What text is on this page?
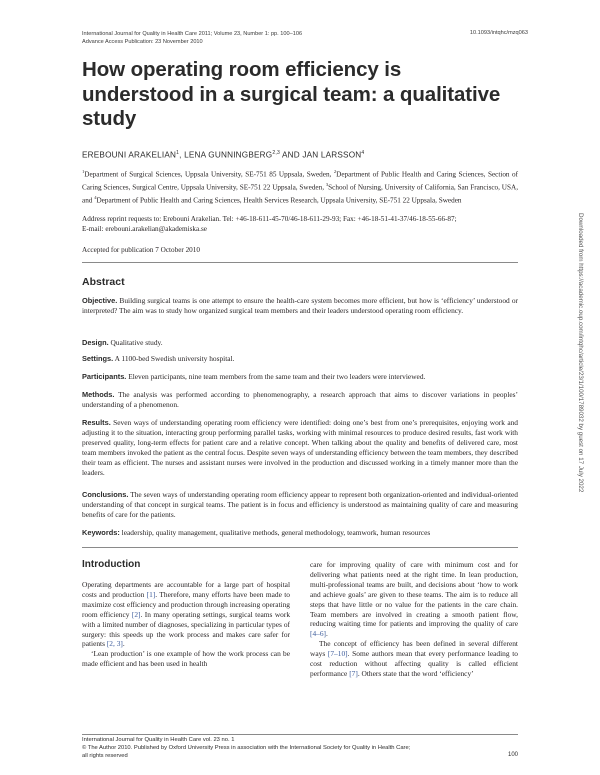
International Journal for Quality in Health Care 2011; Volume 23, Number 1: pp. 100–106
Advance Access Publication: 23 November 2010
10.1093/intqhc/mzq063
How operating room efficiency is understood in a surgical team: a qualitative study
EREBOUNI ARAKELIAN$^1$, LENA GUNNINGBERG$^{2,3}$ AND JAN LARSSON$^4$
$^1$Department of Surgical Sciences, Uppsala University, SE-751 85 Uppsala, Sweden, $^2$Department of Public Health and Caring Sciences, Section of Caring Sciences, Surgical Centre, Uppsala University, SE-751 22 Uppsala, Sweden, $^3$School of Nursing, University of California, San Francisco, USA, and $^4$Department of Public Health and Caring Sciences, Health Services Research, Uppsala University, SE-751 22 Uppsala, Sweden
Address reprint requests to: Erebouni Arakelian. Tel: +46-18-611-45-70/46-18-611-29-93; Fax: +46-18-51-41-37/46-18-55-66-87;
E-mail: erebouni.arakelian@akademiska.se
Accepted for publication 7 October 2010
Abstract

Objective. Building surgical teams is one attempt to ensure the health-care system becomes more efficient, but how is ‘efficiency’ understood or interpreted? The aim was to study how organized surgical team members and their leaders understood operating room efficiency.

Design. Qualitative study.

Settings. A 1100-bed Swedish university hospital.

Participants. Eleven participants, nine team members from the same team and their two leaders were interviewed.

Methods. The analysis was performed according to phenomenography, a research approach that aims to discover variations in peoples’ understanding of a phenomenon.

Results. Seven ways of understanding operating room efficiency were identified: doing one’s best from one’s prerequisites, enjoying work and adjusting it to the situation, interacting group performing parallel tasks, working with minimal resources to produce desired results, fast work with preserved quality, long-term effects for patient care and a relative concept. When talking about the quality and benefits of delivered care, most team members invoked the patient as the central focus. Despite seven ways of understanding efficiency between the team members, they described their team as efficient. The nurses and assistant nurses were involved in the production and discussed working in a timely manner more than the leaders.

Conclusions. The seven ways of understanding operating room efficiency appear to represent both organization-oriented and individual-oriented understanding of that concept in surgical teams. The patient is in focus and efficiency is understood as maintaining quality of care and measuring benefits of care for the patients.

Keywords: leadership, quality management, qualitative methods, general methodology, teamwork, human resources

Introduction

Operating departments are accountable for a large part of hospital costs and production [1]. Therefore, many efforts have been made to maximize cost efficiency and production through increasing operating room efficiency [2]. In many operating settings, surgical teams work with a limited number of diagnoses, specializing in particular types of surgery: this speeds up the work process and makes care safer for patients [2, 3].

‘Lean production’ is one example of how the work process can be made efficient and has been used in health

care for improving quality of care with minimum cost and for delivering what patients need at the right time. In lean production, multi-professional teams are built, and decisions about ‘how to work and achieve goals’ are given to these teams. The aim is to reduce all steps that have little or no value for the patients in the care chain. Team members are involved in creating a smooth patient flow, reducing waiting time for patients and improving the quality of care [4–6].

The concept of efficiency has been defined in several different ways [7–10]. Some authors mean that every performance leading to cost reduction without affecting quality is called efficient performance [7]. Others state that the word ‘efficiency’

International Journal for Quality in Health Care vol. 23 no. 1
© The Author 2010. Published by Oxford University Press in association with the International Society for Quality in Health Care;
all rights reserved	100
Downloaded from https://academic.oup.com/intqhc/article/23/1/100/1789032 by guest on 17 July 2022
